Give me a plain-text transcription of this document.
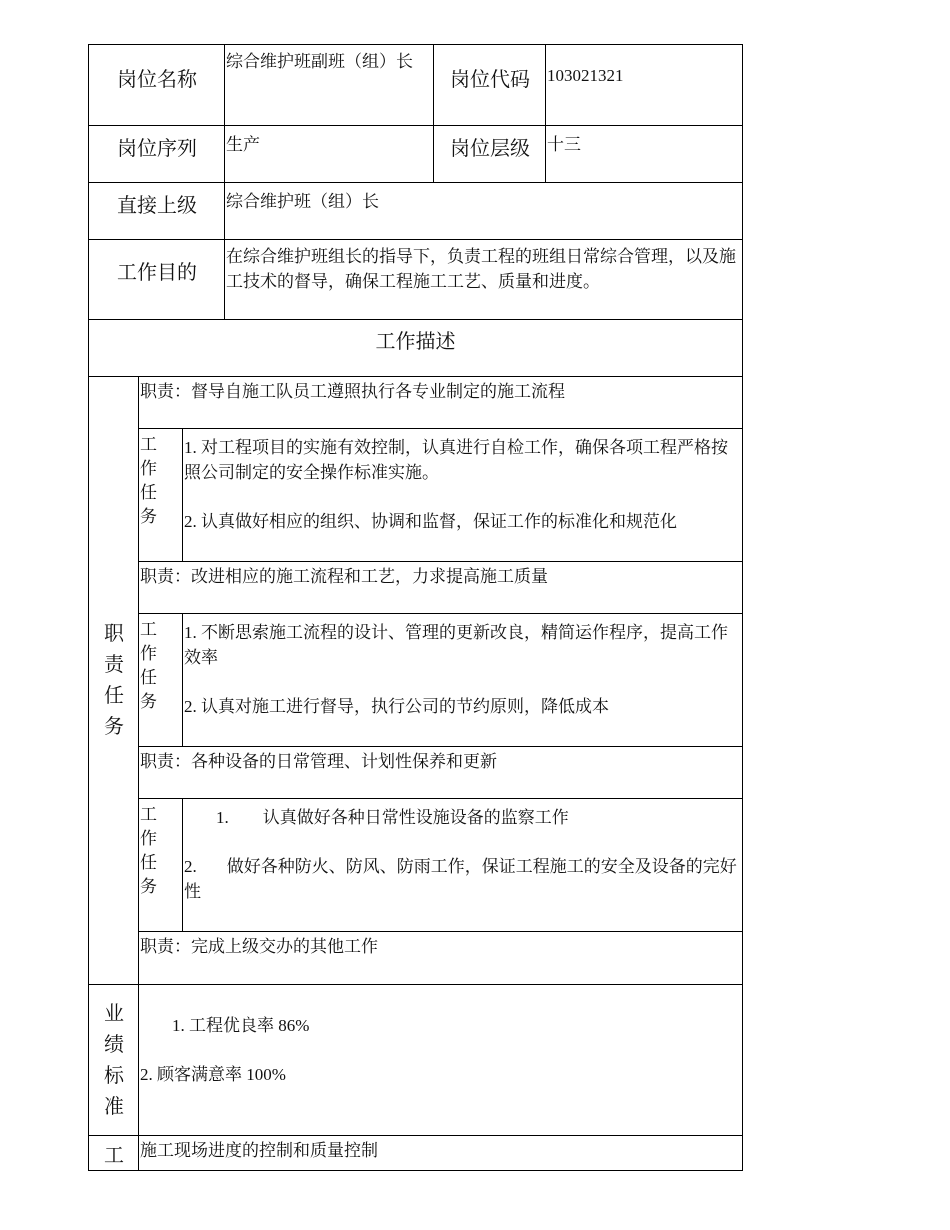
岗位名称
综合维护班副班（组）长
岗位代码 103021321
岗位序列 生产	岗位层级 十三
直接上级 综合维护班（组）长
工作目的
在综合维护班组长的指导下，负责工程的班组日常综合管理，以及施工技术的督导，确保工程施工工艺、质量和进度。
工作描述
职责任务
职责：督导自施工队员工遵照执行各专业制定的施工流程
工作任务

1. 对工程项目的实施有效控制，认真进行自检工作，确保各项工程严格按照公司制定的安全操作标准实施。

2. 认真做好相应的组织、协调和监督，保证工作的标准化和规范化

职责：改进相应的施工流程和工艺，力求提高施工质量
工作任务

1. 不断思索施工流程的设计、管理的更新改良，精简运作程序，提高工作效率

2. 认真对施工进行督导，执行公司的节约原则，降低成本

职责：各种设备的日常管理、计划性保养和更新
工作任务

1. 认真做好各种日常性设施设备的监察工作

2. 做好各种防火、防风、防雨工作，保证工程施工的安全及设备的完好性

职责：完成上级交办的其他工作
业绩标准
1. 工程优良率 86%
2. 顾客满意率 100%
工 施工现场进度的控制和质量控制
